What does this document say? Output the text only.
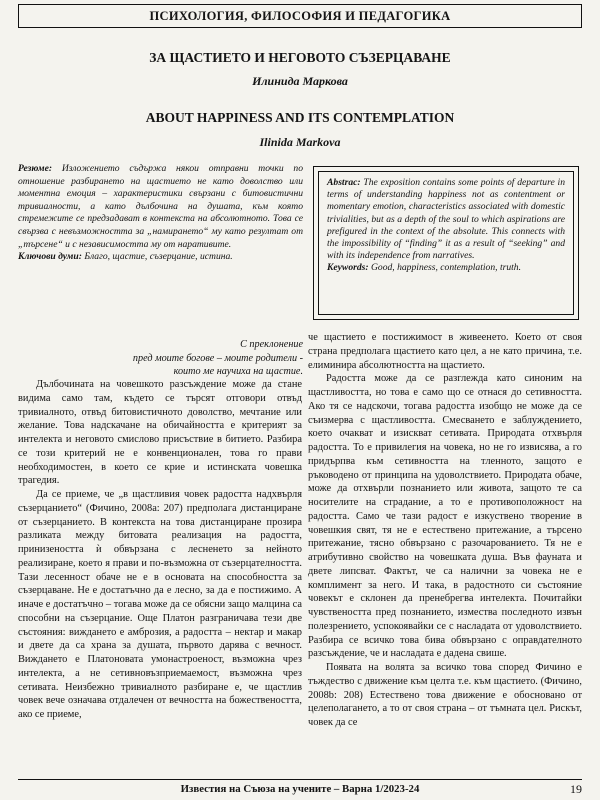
ПСИХОЛОГИЯ, ФИЛОСОФИЯ И ПЕДАГОГИКА
ЗА ЩАСТИЕТО И НЕГОВОТО СЪЗЕРЦАВАНЕ
Илинида Маркова
ABOUT HAPPINESS AND ITS CONTEMPLATION
Ilinida Markova
Резюме: Изложението съдържа някои отправни точки по отношение разбирането на щастието не като доволство или моментна емоция – характеристики свързани с битовистични тривиалности, а като дълбочина на душата, към която стремежите се предзадават в контекста на абсолютното. Това се свързва с невъзможността за „намирането“ му като резултат от „търсене“ и с независимостта му от наративите.
Ключови думи: Благо, щастие, съзерцание, истина.
Abstrac: The exposition contains some points of departure in terms of understanding happiness not as contentment or momentary emotion, characteristics associated with domestic trivialities, but as a depth of the soul to which aspirations are prefigured in the context of the absolute. This connects with the impossibility of “finding” it as a result of “seeking” and with its independence from narratives.
Keywords: Good, happiness, contemplation, truth.
С преклонение
пред моите богове – моите родители -
които ме научиха на щастие.

Дълбочината на човешкото разсъждение може да стане видима само там, където се търсят отговори отвъд тривиалното, отвъд битовистичното доволство, мечтание или желание. Това надскачане на обичайността е критерият за интелекта и неговото смислово присъствие в битието. Разбира се този критерий не е конвенционален, това го прави необходимостен, в което се крие и истинската човешка трагедия.

Да се приеме, че „в щастливия човек радостта надхвърля съзерцанието“ (Фичино, 2008а: 207) предполага дистанциране от съзерцанието. В контекста на това дистанциране прозира разликата между битовата реализация на радостта, принизеността ѝ обвързана с лесненето за нейното реализиране, което я прави и по-възможна от съзерцателността. Тази лесенност обаче не е в основата на способността за съзерцаване. Не е достатъчно да е лесно, за да е постижимо. А иначе е достатъчно – тогава може да се обясни защо малцина са способни на съзерцание. Още Платон разграничава тези две състояния: виждането е амброзия, а радостта – нектар и макар и двете да са храна за душата, първото дарява с вечност. Виждането е Платоновата умонастроеност, възможна чрез интелекта, а не сетивновъзприемаемост, възможна чрез сетивата. Неизбежно тривиалното разбиране е, че щастлив човек вече означава отдалечен от вечността на божествеността, ако се приеме,

че щастието е постижимост в живеенето. Което от своя страна предполага щастието като цел, а не като причина, т.е. елиминира абсолютността на щастието.

Радостта може да се разглежда като синоним на щастливостта, но това е само що се отнася до сетивността. Ако тя се надскочи, тогава радостта изобщо не може да се съизмерва с щастливостта. Смесването е заблуждението, което очакват и изискват сетивата. Природата отхвърля радостта. То е привилегия на човека, но не го извисява, а го придърпва към сетивността на тленното, защото е ръководено от принципа на удоволствието. Природата обаче, може да отхвърли познанието или живота, защото те са носителите на страдание, а то е противоположност на радостта. Само че тази радост е изкуствено творение в човешкия свят, тя не е естествено притежание, а търсено притежание, тясно обвързано с разочарованието. Тя не е атрибутивно свойство на човешката душа. Във фауната и двете липсват. Фактът, че са налични за човека не е комплимент за него. И така, в радостното си състояние човекът е склонен да пренебрегва интелекта. Почитайки чувствеността пред познанието, измества последното извън полезрението, успокоявайки се с насладата от удоволствието. Разбира се всичко това бива обвързано с оправдателното разсъждение, че и насладата е дадена свише.

Появата на волята за всичко това според Фичино е тъждество с движение към целта т.е. към щастието. (Фичино, 2008b: 208) Естествено това движение е обосновано от целеполагането, а то от своя страна – от тъмната цел. Рискът, човек да се

Известия на Съюза на учените – Варна 1/2023-24	19
